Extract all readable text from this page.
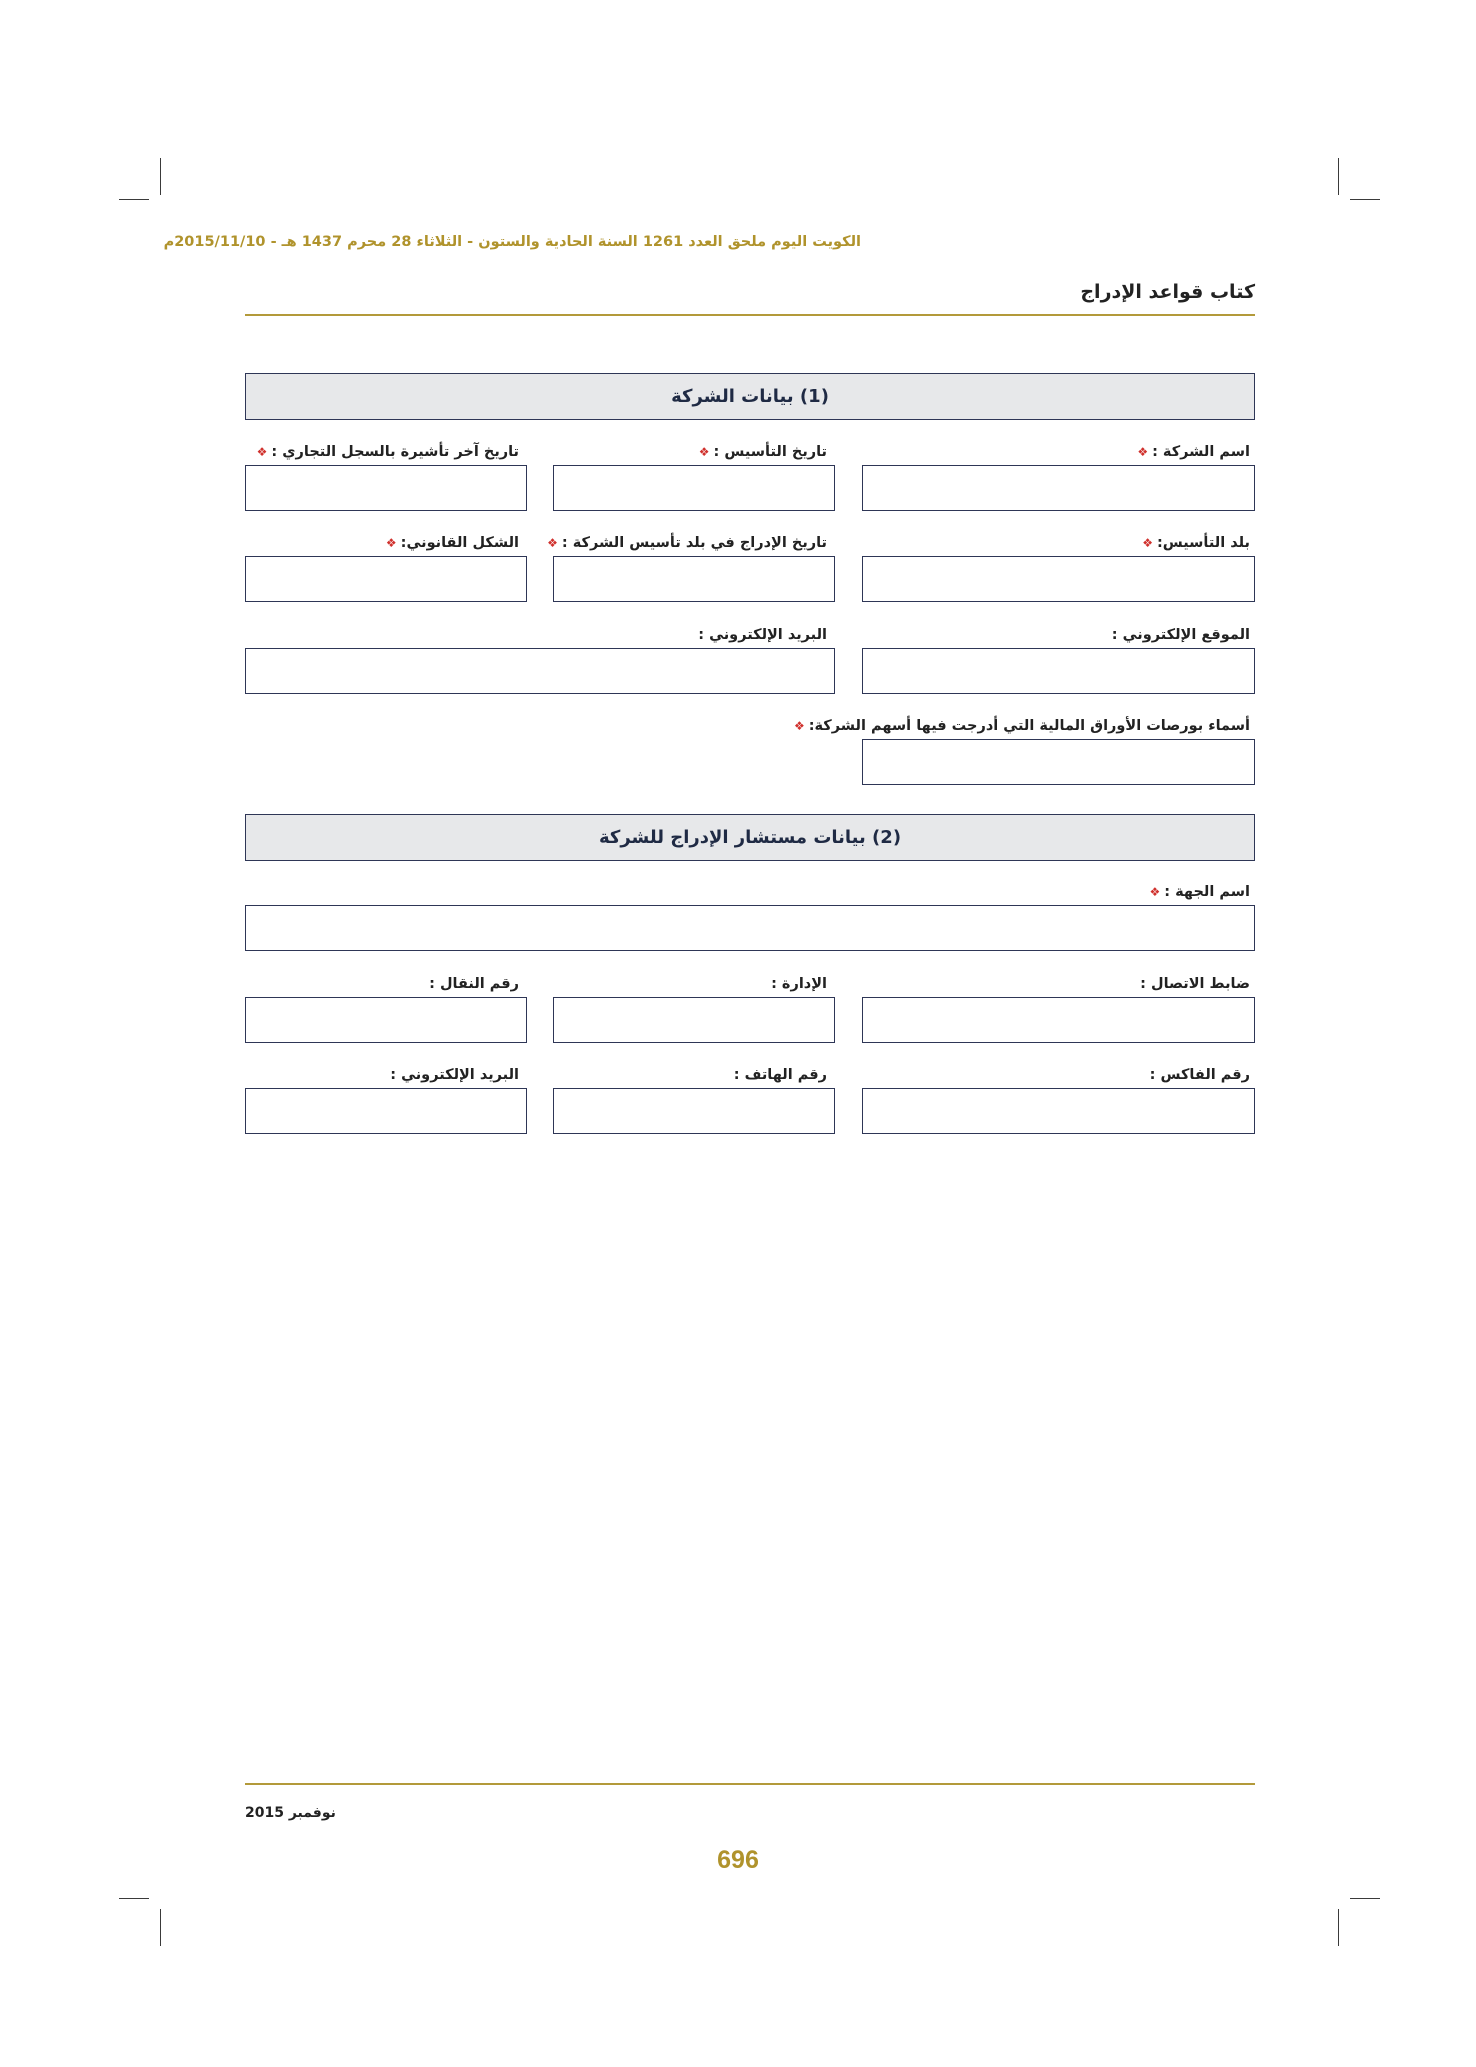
الكويت اليوم ملحق العدد 1261 السنة الحادية والستون - الثلاثاء 28 محرم 1437 هـ - 2015/11/10م
كتاب قواعد الإدراج
(1) بيانات الشركة
اسم الشركة :❖
تاريخ التأسيس :❖
تاريخ آخر تأشيرة بالسجل التجاري :❖
بلد التأسيس:❖
تاريخ الإدراج في بلد تأسيس الشركة :❖
الشكل القانوني:❖
الموقع الإلكتروني :
البريد الإلكتروني :
أسماء بورصات الأوراق المالية التي أدرجت فيها أسهم الشركة:❖
(2) بيانات مستشار الإدراج للشركة
اسم الجهة :❖
ضابط الاتصال :
الإدارة :
رقم النقال :
رقم الفاكس :
رقم الهاتف :
البريد الإلكتروني :
نوفمبر 2015
696
